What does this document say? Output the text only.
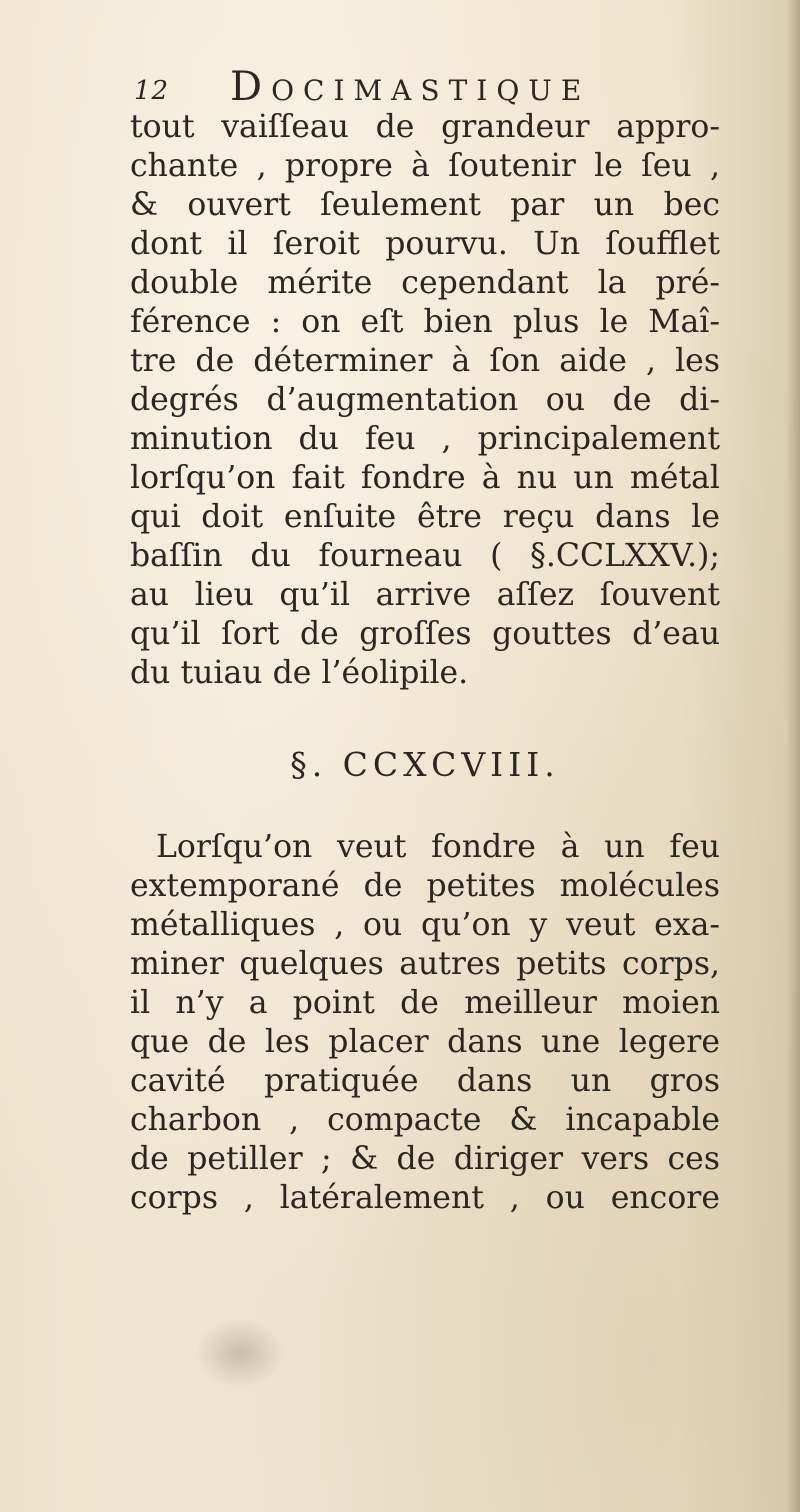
12 Docimastique
tout vaiſſeau de grandeur appro-
chante , propre à ſoutenir le ſeu ,
& ouvert ſeulement par un bec
dont il ſeroit pourvu. Un ſoufflet
double mérite cependant la pré-
férence : on eſt bien plus le Maî-
tre de déterminer à ſon aide , les
degrés d’augmentation ou de di-
minution du feu , principalement
lorſqu’on fait fondre à nu un métal
qui doit enſuite être reçu dans le
baſſin du fourneau ( §.CCLXXV.);
au lieu qu’il arrive aſſez ſouvent
qu’il ſort de groſſes gouttes d’eau
du tuiau de l’éolipile.
§. CCXCVIII.
Lorſqu’on veut fondre à un feu
extemporané de petites molécules
métalliques , ou qu’on y veut exa-
miner quelques autres petits corps,
il n’y a point de meilleur moien
que de les placer dans une legere
cavité pratiquée dans un gros
charbon , compacte & incapable
de petiller ; & de diriger vers ces
corps , latéralement , ou encore
